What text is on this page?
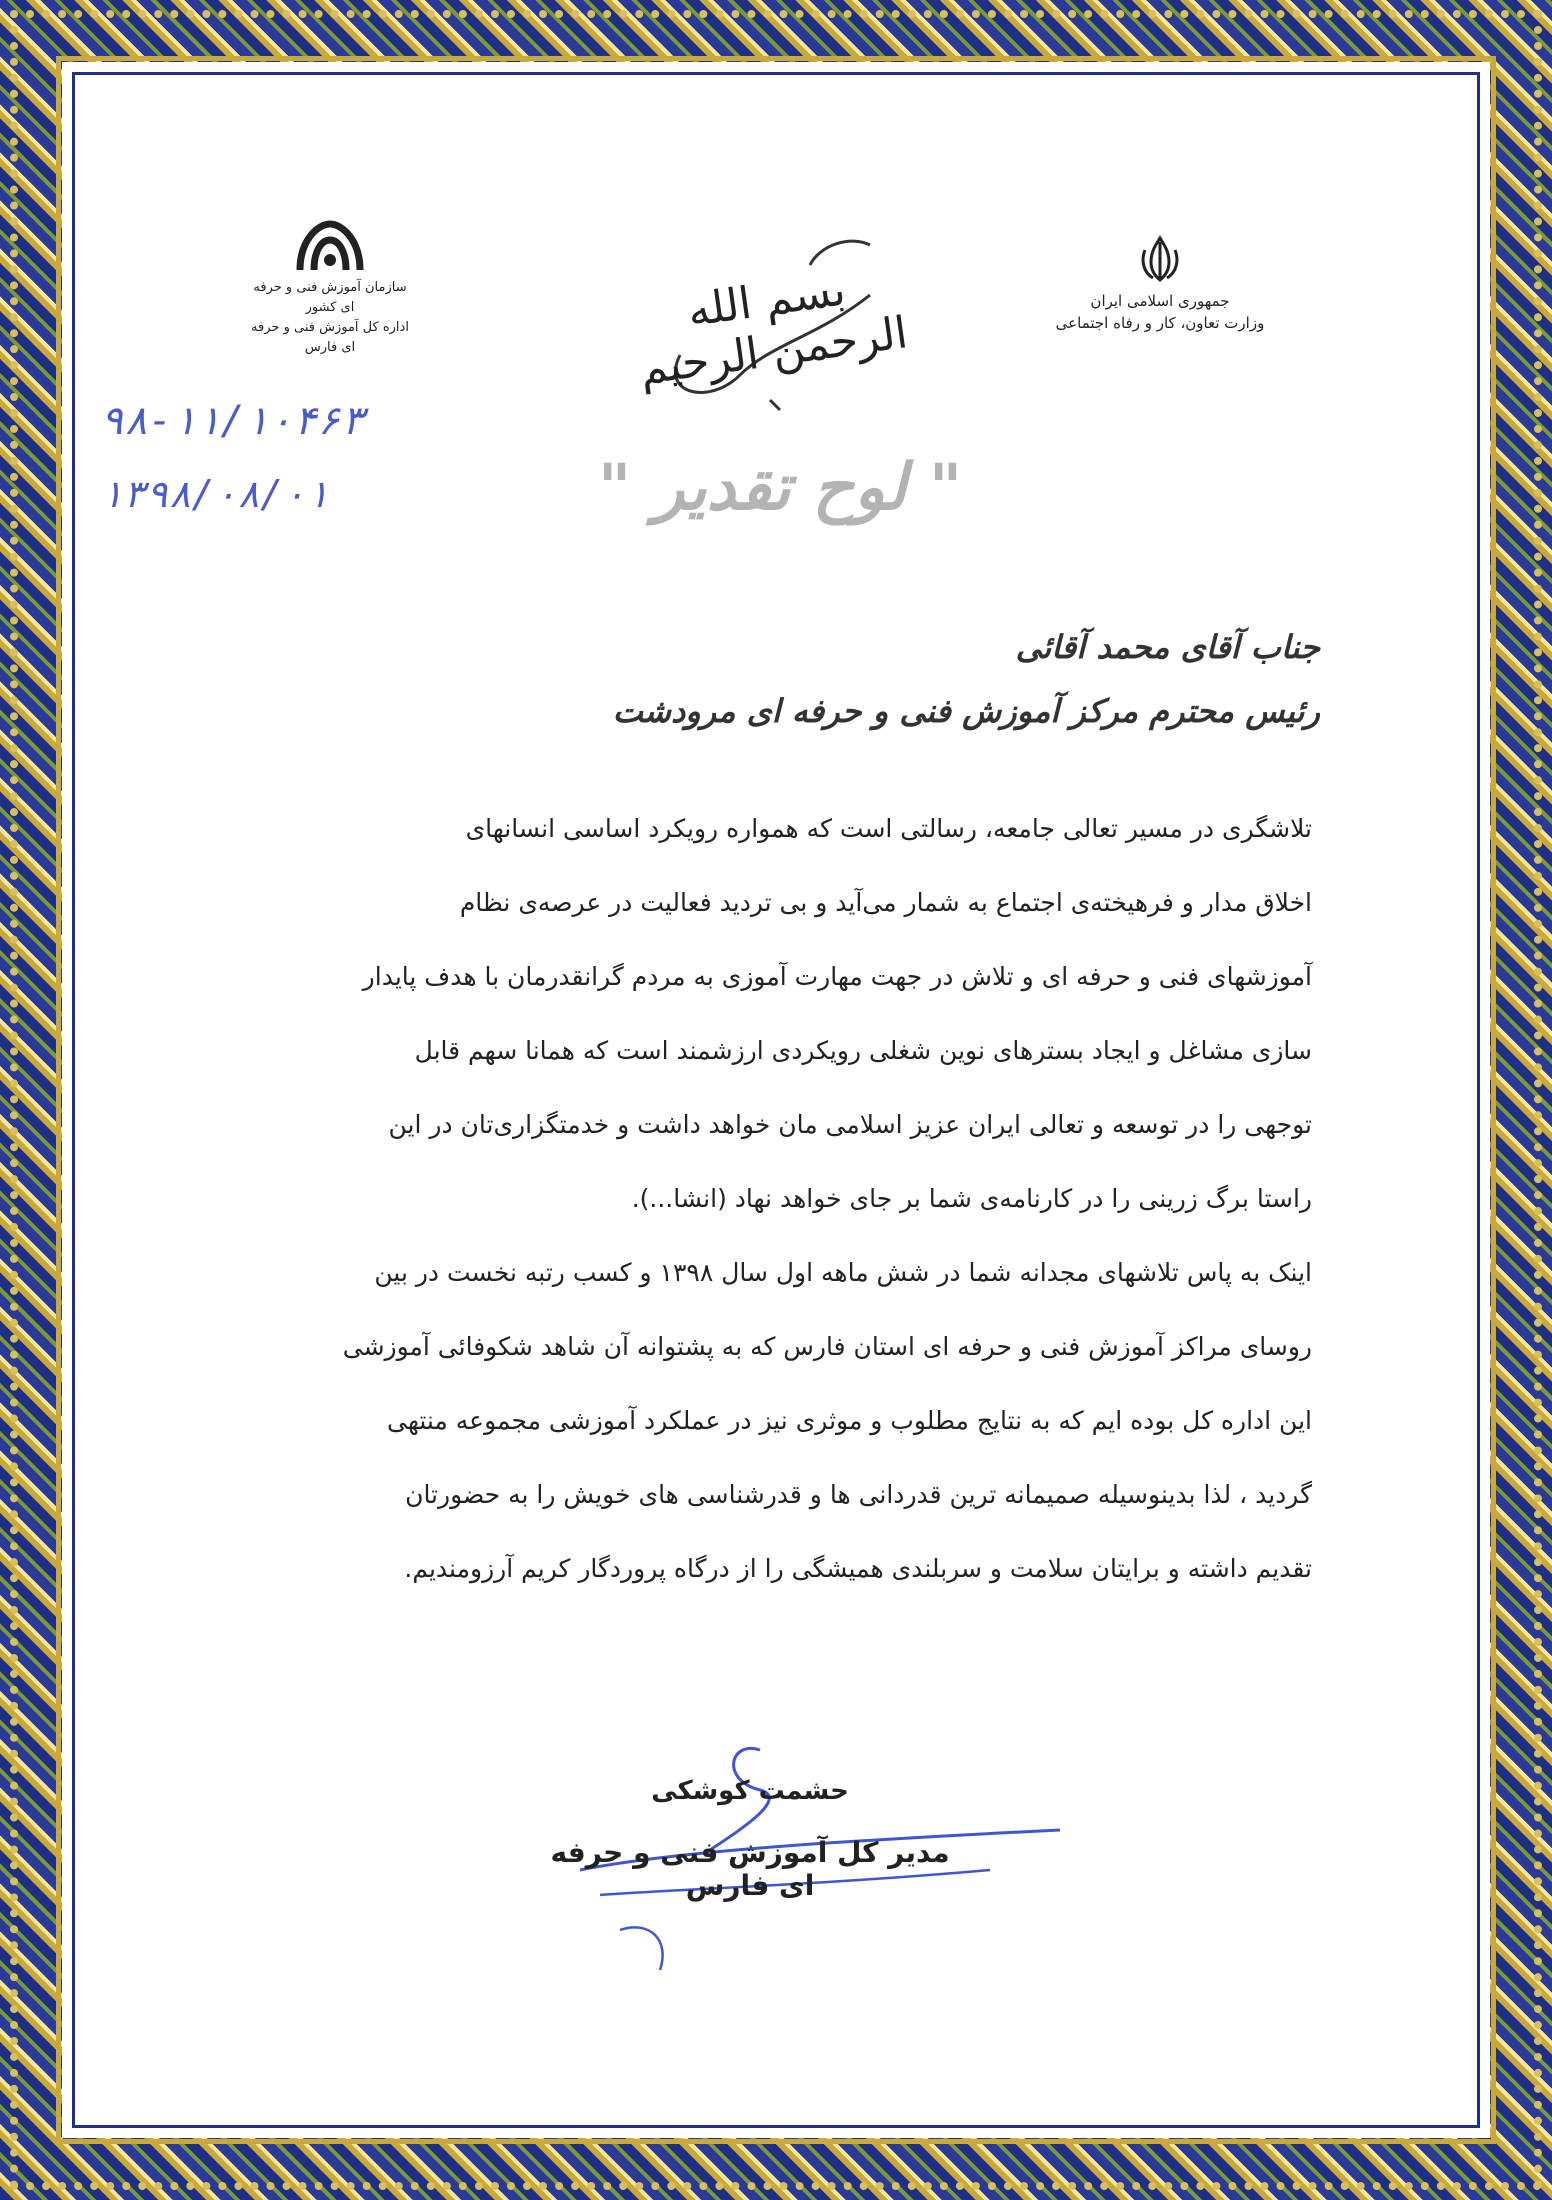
جمهوری اسلامی ایران
وزارت تعاون، کار و رفاه اجتماعی
سازمان آموزش فنی و حرفه ای کشور
اداره کل آموزش فنی و حرفه ای فارس
بسم الله الرحمن الرحیم
۹۸-۱۱/۱۰۴۶۳
۱۳۹۸/۰۸/۰۱	" لوح تقدیر "
جناب آقای محمد آقائی
رئیس محترم مرکز آموزش فنی و حرفه ای مرودشت
تلاشگری در مسیر تعالی جامعه، رسالتی است که همواره رویکرد اساسی انسانهای
اخلاق مدار و فرهیخته‌ی اجتماع به شمار می‌آید و بی تردید فعالیت در عرصه‌ی نظام
آموزشهای فنی و حرفه ای و تلاش در جهت مهارت آموزی به مردم گرانقدرمان با هدف پایدار
سازی مشاغل و ایجاد بسترهای نوین شغلی رویکردی ارزشمند است که همانا سهم قابل
توجهی را در توسعه و تعالی ایران عزیز اسلامی مان خواهد داشت و خدمتگزاری‌تان در این
راستا برگ زرینی را در کارنامه‌ی شما بر جای خواهد نهاد (انشا...).
اینک به پاس تلاشهای مجدانه شما در شش ماهه اول سال ۱۳۹۸ و کسب رتبه نخست در بین
روسای مراکز آموزش فنی و حرفه ای استان فارس که به پشتوانه آن شاهد شکوفائی آموزشی
این اداره کل بوده ایم که به نتایج مطلوب و موثری نیز در عملکرد آموزشی مجموعه منتهی
گردید ، لذا بدینوسیله صمیمانه ترین قدردانی ها و قدرشناسی های خویش را به حضورتان
تقدیم داشته و برایتان سلامت و سربلندی همیشگی را از درگاه پروردگار کریم آرزومندیم.
حشمت کوشکی
مدیر کل آموزش فنی و حرفه ای فارس
